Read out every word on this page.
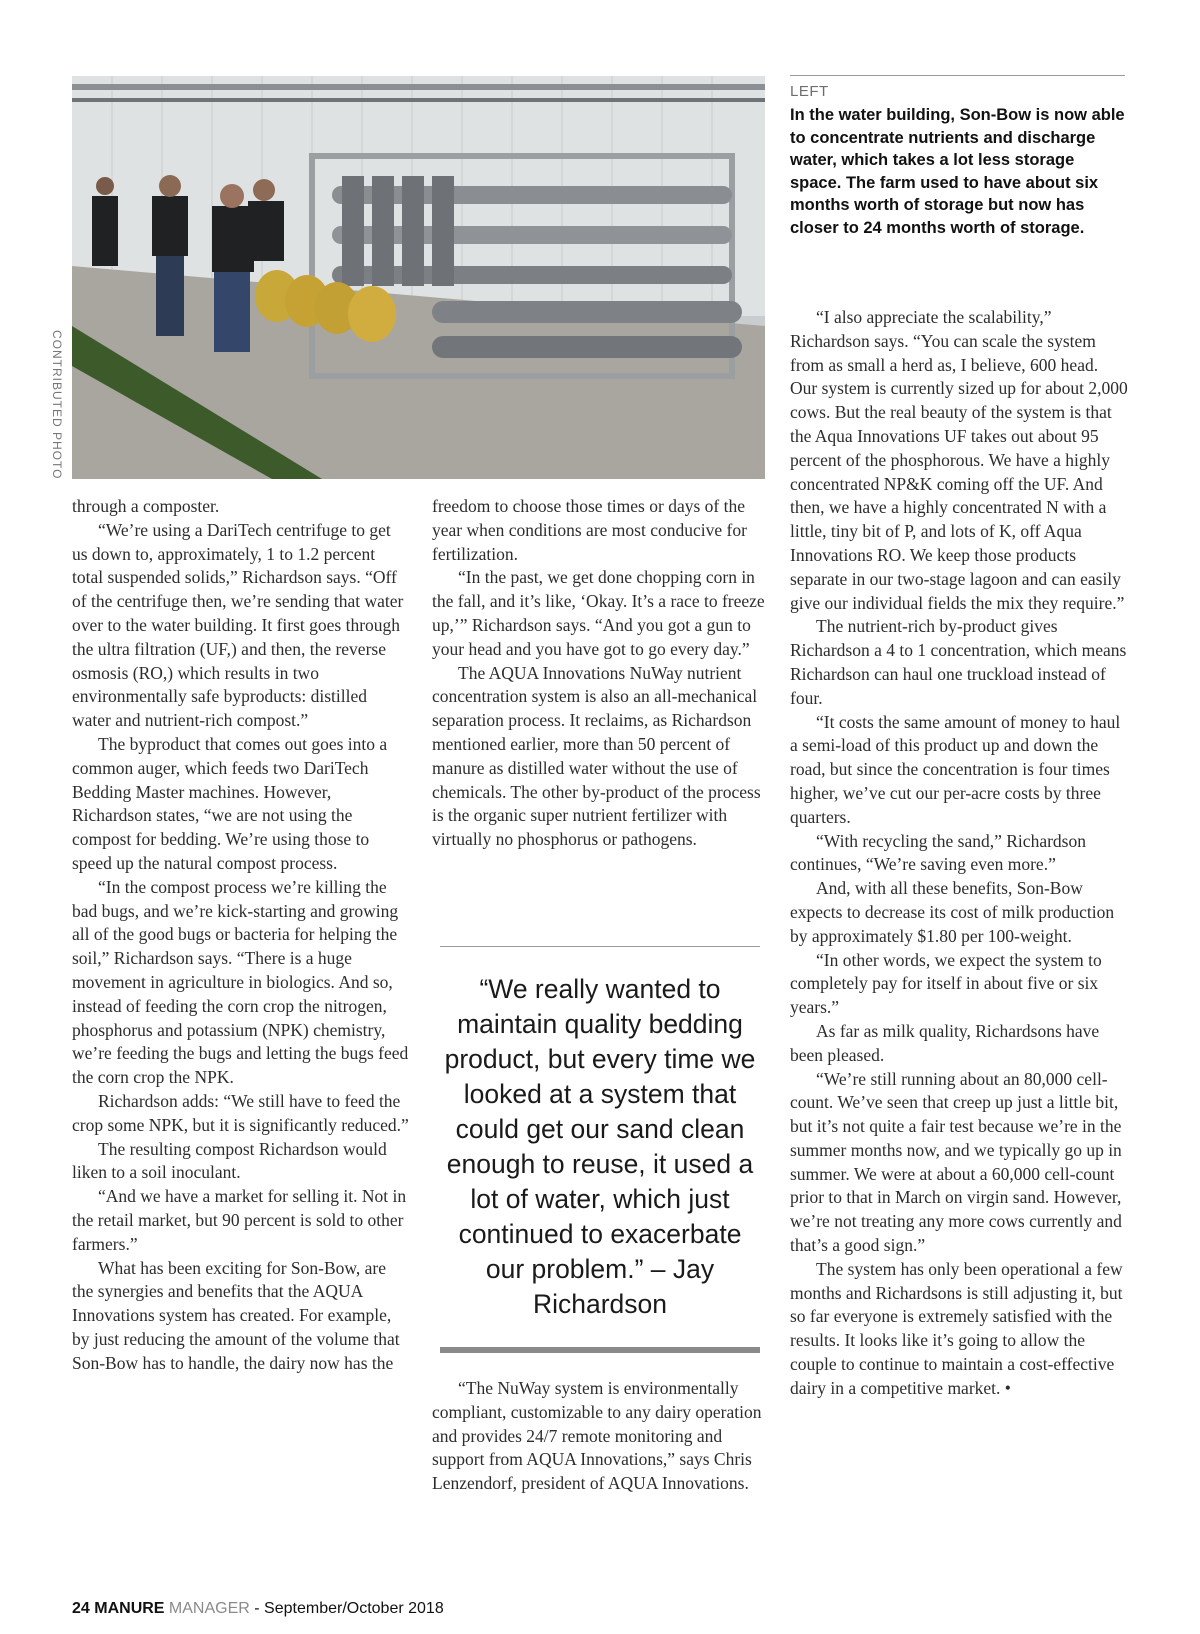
CONTRIBUTED PHOTO
LEFT

In the water building, Son-Bow is now able to concentrate nutrients and discharge water, which takes a lot less storage space. The farm used to have about six months worth of storage but now has closer to 24 months worth of storage.

through a composter.

“We’re using a DariTech centrifuge to get us down to, approximately, 1 to 1.2 percent total suspended solids,” Richardson says. “Off of the centrifuge then, we’re sending that water over to the water building. It first goes through the ultra filtration (UF,) and then, the reverse osmosis (RO,) which results in two environmentally safe byproducts: distilled water and nutrient-rich compost.”

The byproduct that comes out goes into a common auger, which feeds two DariTech Bedding Master machines. However, Richardson states, “we are not using the compost for bedding. We’re using those to speed up the natural compost process.

“In the compost process we’re killing the bad bugs, and we’re kick-starting and growing all of the good bugs or bacteria for helping the soil,” Richardson says. “There is a huge movement in agriculture in biologics. And so, instead of feeding the corn crop the nitrogen, phosphorus and potassium (NPK) chemistry, we’re feeding the bugs and letting the bugs feed the corn crop the NPK.

Richardson adds: “We still have to feed the crop some NPK, but it is significantly reduced.”

The resulting compost Richardson would liken to a soil inoculant.

“And we have a market for selling it. Not in the retail market, but 90 percent is sold to other farmers.”

What has been exciting for Son-Bow, are the synergies and benefits that the AQUA Innovations system has created. For example, by just reducing the amount of the volume that Son-Bow has to handle, the dairy now has the

freedom to choose those times or days of the year when conditions are most conducive for fertilization.

“In the past, we get done chopping corn in the fall, and it’s like, ‘Okay. It’s a race to freeze up,’” Richardson says. “And you got a gun to your head and you have got to go every day.”

The AQUA Innovations NuWay nutrient concentration system is also an all-mechanical separation process. It reclaims, as Richardson mentioned earlier, more than 50 percent of manure as distilled water without the use of chemicals. The other by-product of the process is the organic super nutrient fertilizer with virtually no phosphorus or pathogens.

“We really wanted to maintain quality bedding product, but every time we looked at a system that could get our sand clean enough to reuse, it used a lot of water, which just continued to exacerbate our problem.” – Jay Richardson

“The NuWay system is environmentally compliant, customizable to any dairy operation and provides 24/7 remote monitoring and support from AQUA Innovations,” says Chris Lenzendorf, president of AQUA Innovations.

“I also appreciate the scalability,” Richardson says. “You can scale the system from as small a herd as, I believe, 600 head. Our system is currently sized up for about 2,000 cows. But the real beauty of the system is that the Aqua Innovations UF takes out about 95 percent of the phosphorous. We have a highly concentrated NP&K coming off the UF. And then, we have a highly concentrated N with a little, tiny bit of P, and lots of K, off Aqua Innovations RO. We keep those products separate in our two-stage lagoon and can easily give our individual fields the mix they require.”

The nutrient-rich by-product gives Richardson a 4 to 1 concentration, which means Richardson can haul one truckload instead of four.

“It costs the same amount of money to haul a semi-load of this product up and down the road, but since the concentration is four times higher, we’ve cut our per-acre costs by three quarters.

“With recycling the sand,” Richardson continues, “We’re saving even more.”

And, with all these benefits, Son-Bow expects to decrease its cost of milk production by approximately $1.80 per 100-weight.

“In other words, we expect the system to completely pay for itself in about five or six years.”

As far as milk quality, Richardsons have been pleased.

“We’re still running about an 80,000 cell-count. We’ve seen that creep up just a little bit, but it’s not quite a fair test because we’re in the summer months now, and we typically go up in summer. We were at about a 60,000 cell-count prior to that in March on virgin sand. However, we’re not treating any more cows currently and that’s a good sign.”

The system has only been operational a few months and Richardsons is still adjusting it, but so far everyone is extremely satisfied with the results. It looks like it’s going to allow the couple to continue to maintain a cost-effective dairy in a competitive market. •

24 MANURE MANAGER - September/October 2018
